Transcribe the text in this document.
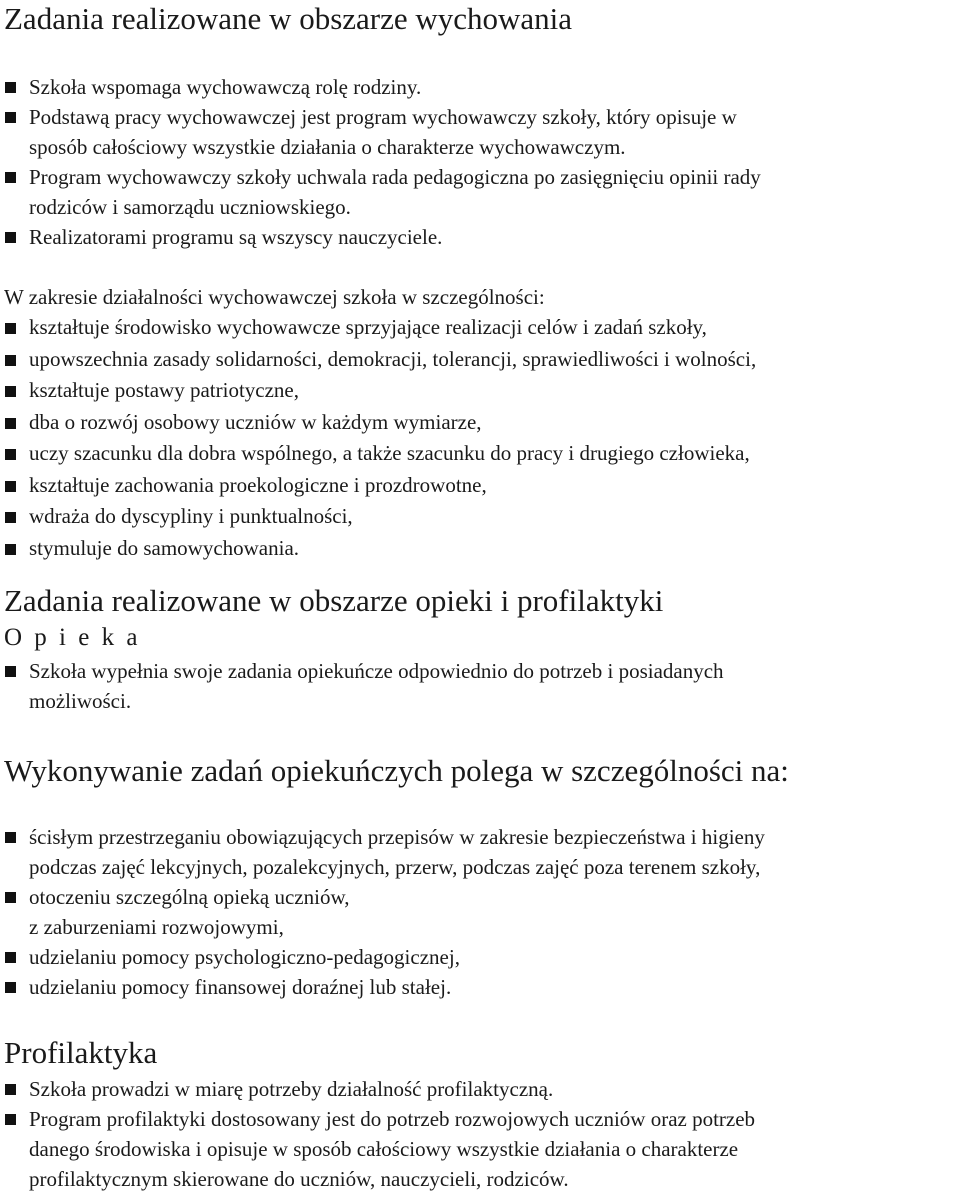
Zadania realizowane w obszarze wychowania
Szkoła wspomaga wychowawczą rolę rodziny.
Podstawą pracy wychowawczej jest program wychowawczy szkoły, który opisuje w
sposób całościowy wszystkie działania o charakterze wychowawczym.
Program wychowawczy szkoły uchwala rada pedagogiczna po zasięgnięciu opinii rady
rodziców i samorządu uczniowskiego.
Realizatorami programu są wszyscy nauczyciele.

W zakresie działalności wychowawczej szkoła w szczególności:

kształtuje środowisko wychowawcze sprzyjające realizacji celów i zadań szkoły,
upowszechnia zasady solidarności, demokracji, tolerancji, sprawiedliwości i wolności,
kształtuje postawy patriotyczne,
dba o rozwój osobowy uczniów w każdym wymiarze,
uczy szacunku dla dobra wspólnego, a także szacunku do pracy i drugiego człowieka,
kształtuje zachowania proekologiczne i prozdrowotne,
wdraża do dyscypliny i punktualności,
stymuluje do samowychowania.
Zadania realizowane w obszarze opieki i profilaktyki
O p i e k a
Szkoła wypełnia swoje zadania opiekuńcze odpowiednio do potrzeb i posiadanych
możliwości.
Wykonywanie zadań opiekuńczych polega w szczególności na:
ścisłym przestrzeganiu obowiązujących przepisów w zakresie bezpieczeństwa i higieny
podczas zajęć lekcyjnych, pozalekcyjnych, przerw, podczas zajęć poza terenem szkoły,
otoczeniu szczególną opieką uczniów,
z zaburzeniami rozwojowymi,
udzielaniu pomocy psychologiczno-pedagogicznej,
udzielaniu pomocy finansowej doraźnej lub stałej.
Profilaktyka
Szkoła prowadzi w miarę potrzeby działalność profilaktyczną.
Program profilaktyki dostosowany jest do potrzeb rozwojowych uczniów oraz potrzeb
danego środowiska i opisuje w sposób całościowy wszystkie działania o charakterze
profilaktycznym skierowane do uczniów, nauczycieli, rodziców.
